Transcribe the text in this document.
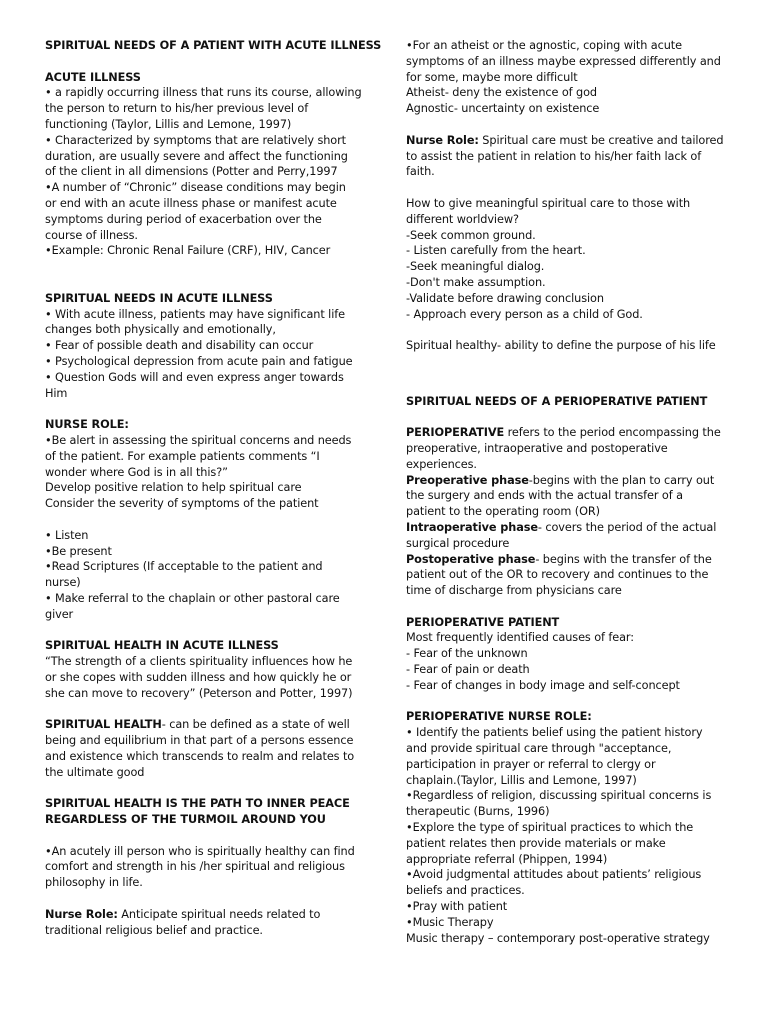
SPIRITUAL NEEDS OF A PATIENT WITH ACUTE ILLNESS
ACUTE ILLNESS
• a rapidly occurring illness that runs its course, allowing
the person to return to his/her previous level of
functioning (Taylor, Lillis and Lemone, 1997)
• Characterized by symptoms that are relatively short
duration, are usually severe and affect the functioning
of the client in all dimensions (Potter and Perry,1997
•A number of “Chronic” disease conditions may begin
or end with an acute illness phase or manifest acute
symptoms during period of exacerbation over the
course of illness.
•Example: Chronic Renal Failure (CRF), HIV, Cancer
SPIRITUAL NEEDS IN ACUTE ILLNESS
• With acute illness, patients may have significant life
changes both physically and emotionally,
• Fear of possible death and disability can occur
• Psychological depression from acute pain and fatigue
• Question Gods will and even express anger towards
Him
NURSE ROLE:
•Be alert in assessing the spiritual concerns and needs
of the patient. For example patients comments “I
wonder where God is in all this?”
Develop positive relation to help spiritual care
Consider the severity of symptoms of the patient
• Listen
•Be present
•Read Scriptures (If acceptable to the patient and
nurse)
• Make referral to the chaplain or other pastoral care
giver
SPIRITUAL HEALTH IN ACUTE ILLNESS
“The strength of a clients spirituality influences how he
or she copes with sudden illness and how quickly he or
she can move to recovery” (Peterson and Potter, 1997)
SPIRITUAL HEALTH- can be defined as a state of well
being and equilibrium in that part of a persons essence
and existence which transcends to realm and relates to
the ultimate good
SPIRITUAL HEALTH IS THE PATH TO INNER PEACE
REGARDLESS OF THE TURMOIL AROUND YOU
•An acutely ill person who is spiritually healthy can find
comfort and strength in his /her spiritual and religious
philosophy in life.
Nurse Role: Anticipate spiritual needs related to
traditional religious belief and practice.
•For an atheist or the agnostic, coping with acute
symptoms of an illness maybe expressed differently and
for some, maybe more difficult
Atheist- deny the existence of god
Agnostic- uncertainty on existence
Nurse Role: Spiritual care must be creative and tailored
to assist the patient in relation to his/her faith lack of
faith.
How to give meaningful spiritual care to those with
different worldview?
-Seek common ground.
- Listen carefully from the heart.
-Seek meaningful dialog.
-Don't make assumption.
-Validate before drawing conclusion
- Approach every person as a child of God.
Spiritual healthy- ability to define the purpose of his life
SPIRITUAL NEEDS OF A PERIOPERATIVE PATIENT
PERIOPERATIVE refers to the period encompassing the
preoperative, intraoperative and postoperative
experiences.
Preoperative phase-begins with the plan to carry out
the surgery and ends with the actual transfer of a
patient to the operating room (OR)
Intraoperative phase- covers the period of the actual
surgical procedure
Postoperative phase- begins with the transfer of the
patient out of the OR to recovery and continues to the
time of discharge from physicians care
PERIOPERATIVE PATIENT
Most frequently identified causes of fear:
- Fear of the unknown
- Fear of pain or death
- Fear of changes in body image and self-concept
PERIOPERATIVE NURSE ROLE:
• Identify the patients belief using the patient history
and provide spiritual care through "acceptance,
participation in prayer or referral to clergy or
chaplain.(Taylor, Lillis and Lemone, 1997)
•Regardless of religion, discussing spiritual concerns is
therapeutic (Burns, 1996)
•Explore the type of spiritual practices to which the
patient relates then provide materials or make
appropriate referral (Phippen, 1994)
•Avoid judgmental attitudes about patients’ religious
beliefs and practices.
•Pray with patient
•Music Therapy
Music therapy – contemporary post-operative strategy
